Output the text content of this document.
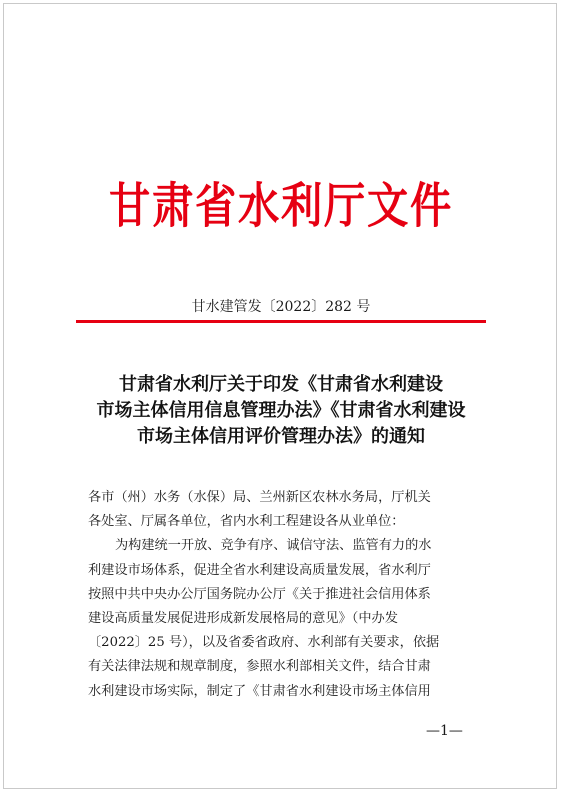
甘肃省水利厅文件
甘水建管发〔2022〕282 号
甘肃省水利厅关于印发《甘肃省水利建设
市场主体信用信息管理办法》《甘肃省水利建设
市场主体信用评价管理办法》的通知
各市（州）水务（水保）局、兰州新区农林水务局，厅机关
各处室、厅属各单位，省内水利工程建设各从业单位：
为构建统一开放、竞争有序、诚信守法、监管有力的水
利建设市场体系，促进全省水利建设高质量发展，省水利厅
按照中共中央办公厅国务院办公厅《关于推进社会信用体系
建设高质量发展促进形成新发展格局的意见》（中办发
〔2022〕25 号），以及省委省政府、水利部有关要求，依据
有关法律法规和规章制度，参照水利部相关文件，结合甘肃
水利建设市场实际，制定了《甘肃省水利建设市场主体信用
—1—
